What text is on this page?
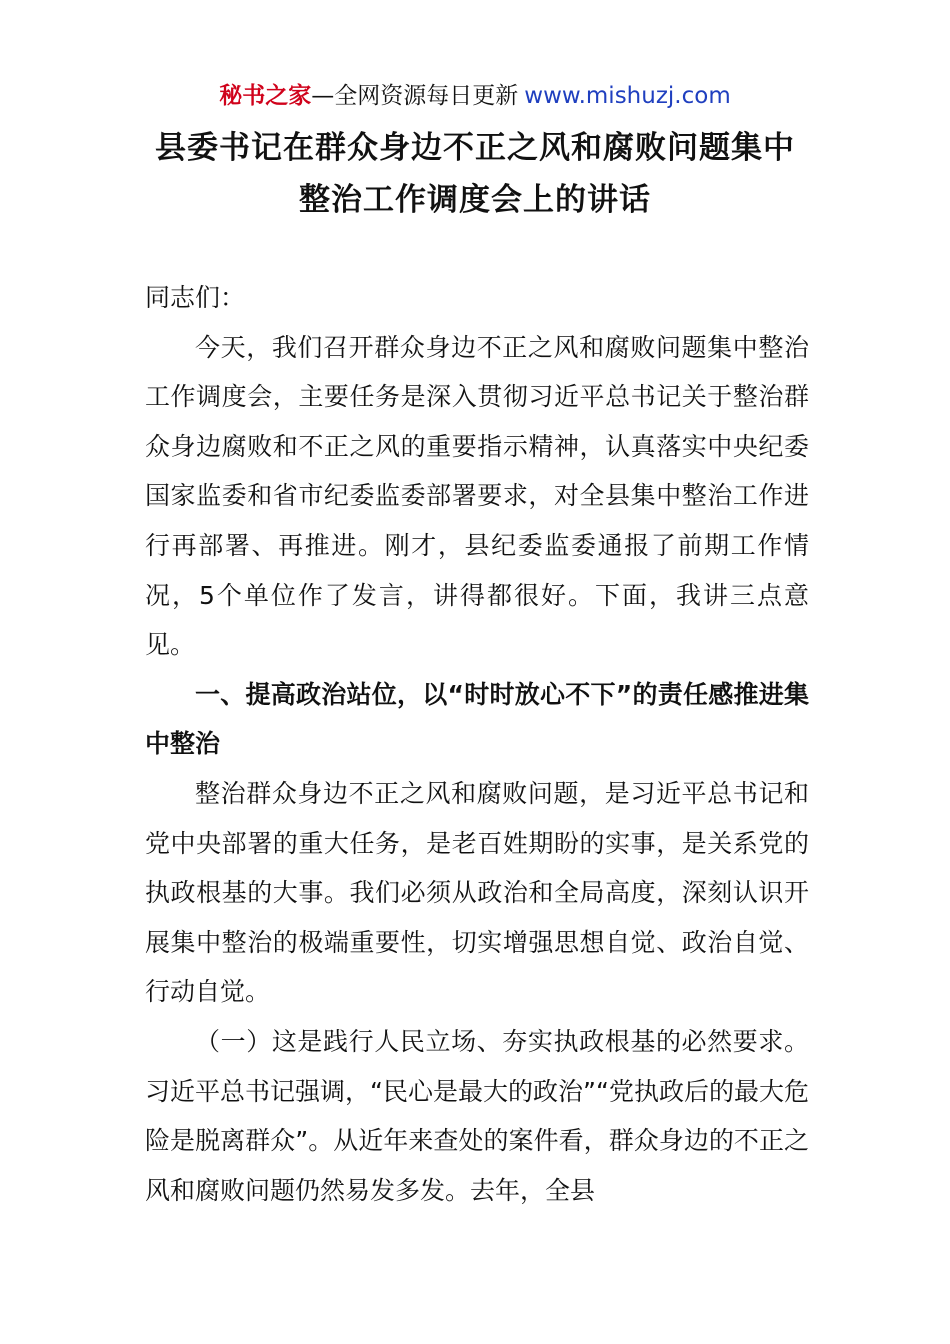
秘书之家—全网资源每日更新 www.mishuzj.com
县委书记在群众身边不正之风和腐败问题集中
整治工作调度会上的讲话

同志们：

今天，我们召开群众身边不正之风和腐败问题集中整治工作调度会，主要任务是深入贯彻习近平总书记关于整治群众身边腐败和不正之风的重要指示精神，认真落实中央纪委国家监委和省市纪委监委部署要求，对全县集中整治工作进行再部署、再推进。刚才，县纪委监委通报了前期工作情况，5个单位作了发言，讲得都很好。下面，我讲三点意见。

一、提高政治站位，以“时时放心不下”的责任感推进集中整治

整治群众身边不正之风和腐败问题，是习近平总书记和党中央部署的重大任务，是老百姓期盼的实事，是关系党的执政根基的大事。我们必须从政治和全局高度，深刻认识开展集中整治的极端重要性，切实增强思想自觉、政治自觉、行动自觉。

（一）这是践行人民立场、夯实执政根基的必然要求。习近平总书记强调，“民心是最大的政治”“党执政后的最大危险是脱离群众”。从近年来查处的案件看，群众身边的不正之风和腐败问题仍然易发多发。去年，全县
